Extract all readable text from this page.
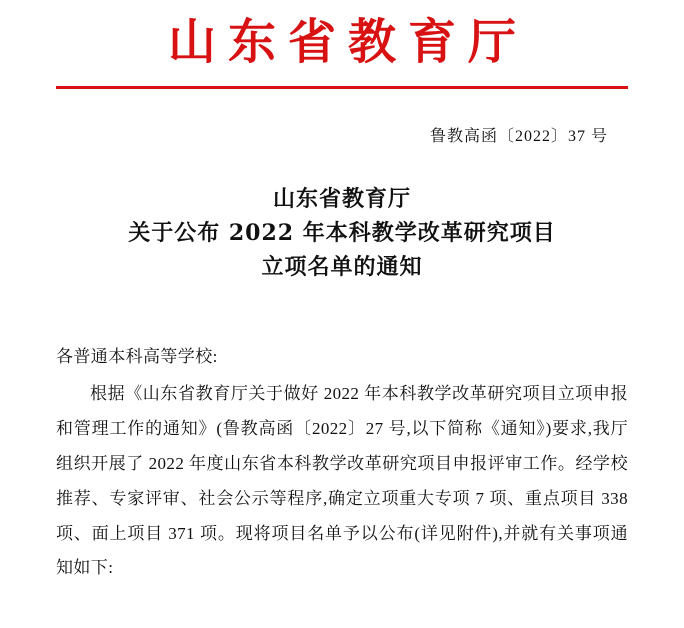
山东省教育厅
鲁教高函〔2022〕37 号
山东省教育厅
关于公布 2022 年本科教学改革研究项目
立项名单的通知

各普通本科高等学校:

根据《山东省教育厅关于做好 2022 年本科教学改革研究项目立项申报和管理工作的通知》(鲁教高函〔2022〕27 号,以下简称《通知》)要求,我厅组织开展了 2022 年度山东省本科教学改革研究项目申报评审工作。经学校推荐、专家评审、社会公示等程序,确定立项重大专项 7 项、重点项目 338 项、面上项目 371 项。现将项目名单予以公布(详见附件),并就有关事项通知如下:
